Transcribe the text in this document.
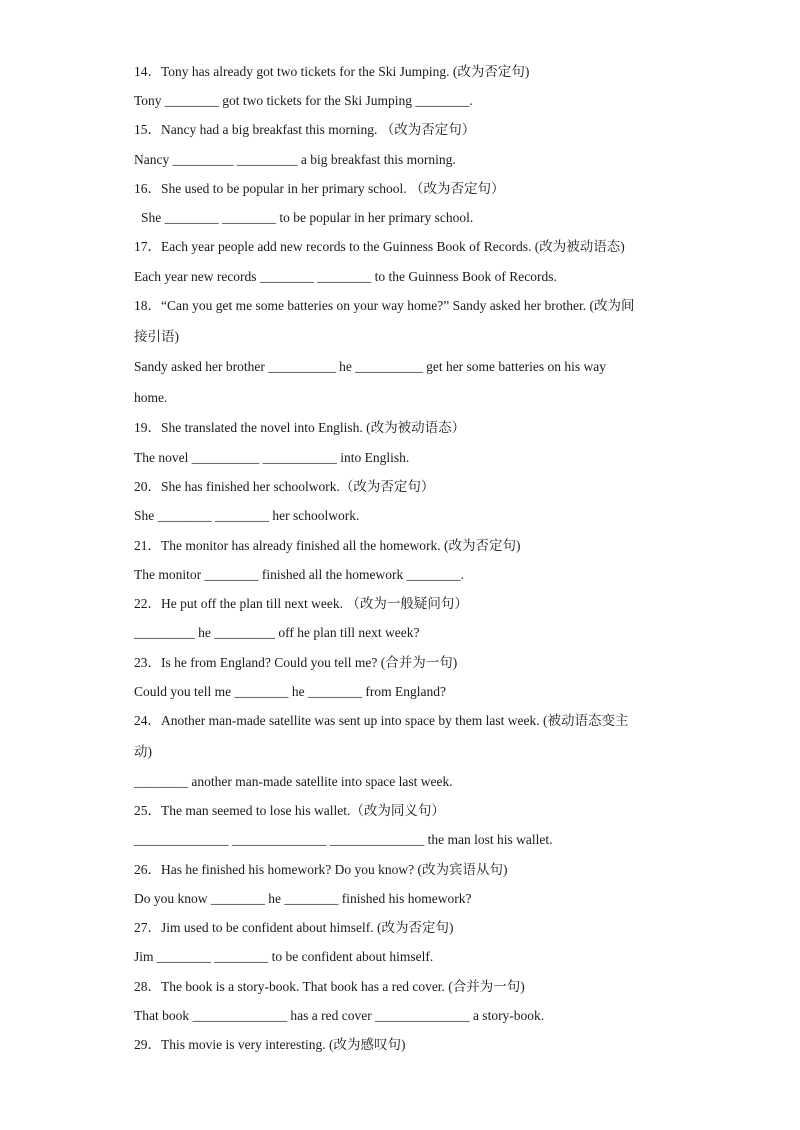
14．Tony has already got two tickets for the Ski Jumping. (改为否定句)
Tony ________ got two tickets for the Ski Jumping ________.
15．Nancy had a big breakfast this morning. （改为否定句）
Nancy _________ _________ a big breakfast this morning.
16．She used to be popular in her primary school. （改为否定句）
She ________ ________ to be popular in her primary school.
17．Each year people add new records to the Guinness Book of Records. (改为被动语态)
Each year new records ________ ________ to the Guinness Book of Records.
18．“Can you get me some batteries on your way home?” Sandy asked her brother. (改为间
接引语)
Sandy asked her brother __________ he __________ get her some batteries on his way
home.
19．She translated the novel into English. (改为被动语态）
The novel __________ ___________ into English.
20．She has finished her schoolwork.（改为否定句）
She ________ ________ her schoolwork.
21．The monitor has already finished all the homework. (改为否定句)
The monitor ________ finished all the homework ________.
22．He put off the plan till next week. （改为一般疑问句）
_________ he _________ off he plan till next week?
23．Is he from England? Could you tell me? (合并为一句)
Could you tell me ________ he ________ from England?
24．Another man-made satellite was sent up into space by them last week. (被动语态变主
动)
________ another man-made satellite into space last week.
25．The man seemed to lose his wallet.（改为同义句）
______________ ______________ ______________ the man lost his wallet.
26．Has he finished his homework? Do you know? (改为宾语从句)
Do you know ________ he ________ finished his homework?
27．Jim used to be confident about himself. (改为否定句)
Jim ________ ________ to be confident about himself.
28．The book is a story-book. That book has a red cover. (合并为一句)
That book ______________ has a red cover ______________ a story-book.
29．This movie is very interesting. (改为感叹句)
